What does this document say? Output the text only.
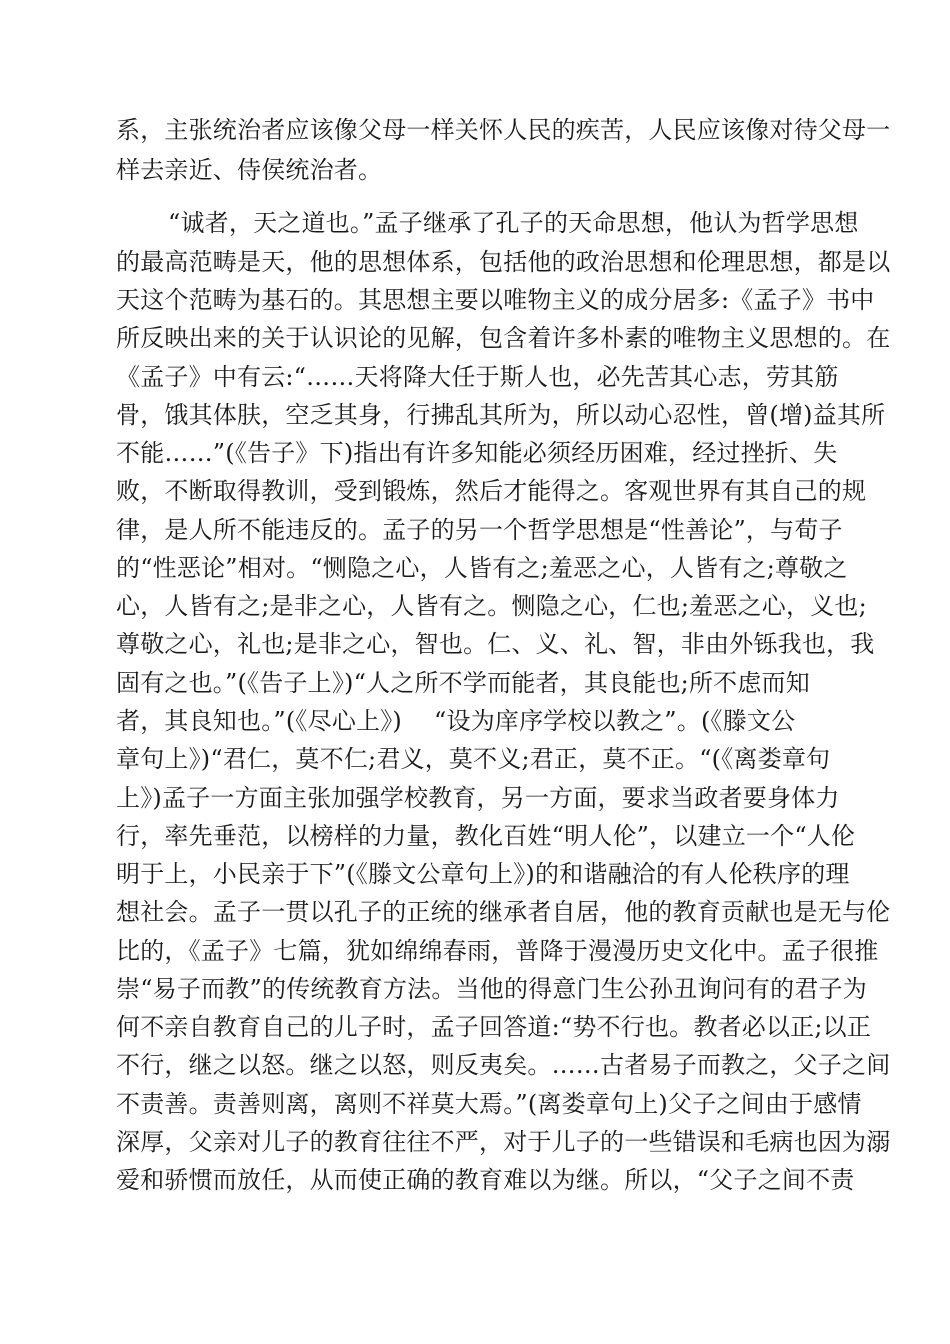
系，主张统治者应该像父母一样关怀人民的疾苦，人民应该像对待父母一
样去亲近、侍侯统治者。
“诚者，天之道也。”孟子继承了孔子的天命思想，他认为哲学思想
的最高范畴是天，他的思想体系，包括他的政治思想和伦理思想，都是以
天这个范畴为基石的。其思想主要以唯物主义的成分居多:《孟子》书中
所反映出来的关于认识论的见解，包含着许多朴素的唯物主义思想的。在
《孟子》中有云:“……天将降大任于斯人也，必先苦其心志，劳其筋
骨，饿其体肤，空乏其身，行拂乱其所为，所以动心忍性，曾(增)益其所
不能……”(《告子》下)指出有许多知能必须经历困难，经过挫折、失
败，不断取得教训，受到锻炼，然后才能得之。客观世界有其自己的规
律，是人所不能违反的。孟子的另一个哲学思想是“性善论”，与荀子
的“性恶论”相对。“恻隐之心，人皆有之;羞恶之心，人皆有之;尊敬之
心，人皆有之;是非之心，人皆有之。恻隐之心，仁也;羞恶之心，义也;
尊敬之心，礼也;是非之心，智也。仁、义、礼、智，非由外铄我也，我
固有之也。”(《告子上》)“人之所不学而能者，其良能也;所不虑而知
者，其良知也。”(《尽心上》)　 “设为庠序学校以教之”。(《滕文公
章句上》)“君仁，莫不仁;君义，莫不义;君正，莫不正。“(《离娄章句
上》)孟子一方面主张加强学校教育，另一方面，要求当政者要身体力
行，率先垂范，以榜样的力量，教化百姓“明人伦”，以建立一个“人伦
明于上，小民亲于下”(《滕文公章句上》)的和谐融洽的有人伦秩序的理
想社会。孟子一贯以孔子的正统的继承者自居，他的教育贡献也是无与伦
比的，《孟子》七篇，犹如绵绵春雨，普降于漫漫历史文化中。孟子很推
崇“易子而教”的传统教育方法。当他的得意门生公孙丑询问有的君子为
何不亲自教育自己的儿子时，孟子回答道:“势不行也。教者必以正;以正
不行，继之以怒。继之以怒，则反夷矣。……古者易子而教之，父子之间
不责善。责善则离，离则不祥莫大焉。”(离娄章句上)父子之间由于感情
深厚，父亲对儿子的教育往往不严，对于儿子的一些错误和毛病也因为溺
爱和骄惯而放任，从而使正确的教育难以为继。所以，“父子之间不责
